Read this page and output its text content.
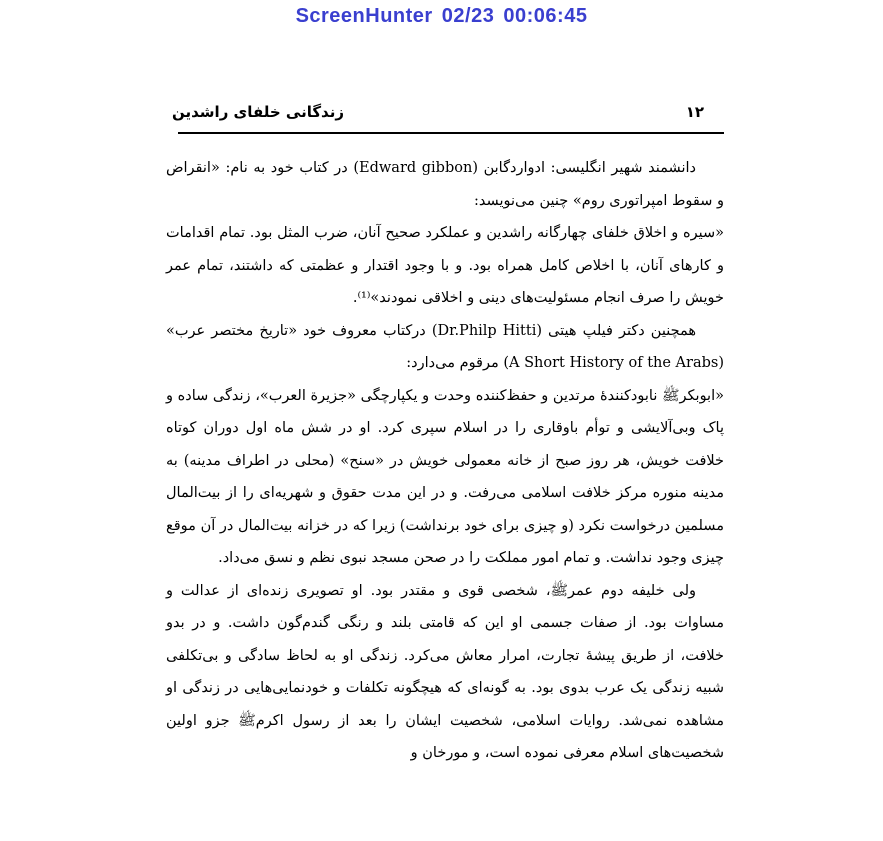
ScreenHunter 02/23 00:06:45
۱۲
زندگانی خلفای راشدین

دانشمند شهیر انگلیسی: ادواردگابن (Edward gibbon) در کتاب خود به نام: «انقراض و سقوط امپراتوری روم» چنین می‌نویسد:

«سیره و اخلاق خلفای چهارگانه راشدین و عملکرد صحیح آنان، ضرب المثل بود. تمام اقدامات و کارهای آنان، با اخلاص کامل همراه بود. و با وجود اقتدار و عظمتی که داشتند، تمام عمر خویش را صرف انجام مسئولیت‌های دینی و اخلاقی نمودند»⁽¹⁾.

همچنین دکتر فیلپ هیتی (Dr.Philp Hitti) درکتاب معروف خود «تاریخ مختصر عرب» (A Short History of the Arabs) مرقوم می‌دارد:

«ابوبکرﷺ نابودکنندۀ مرتدین و حفظ‌کننده وحدت و یکپارچگی «جزیرة العرب»، زندگی ساده و پاک وبی‌آلایشی و توأم باوقاری را در اسلام سپری کرد. او در شش ماه اول دوران کوتاه خلافت خویش، هر روز صبح از خانه معمولی خویش در «سنح» (محلی در اطراف مدینه) به مدینه منوره مرکز خلافت اسلامی می‌رفت. و در این مدت حقوق و شهریه‌ای را از بیت‌المال مسلمین درخواست نکرد (و چیزی برای خود برنداشت) زیرا که در خزانه بیت‌المال در آن موقع چیزی وجود نداشت. و تمام امور مملکت را در صحن مسجد نبوی نظم و نسق می‌داد.

ولی خلیفه دوم عمرﷺ، شخصی قوی و مقتدر بود. او تصویری زنده‌ای از عدالت و مساوات بود. از صفات جسمی او این که قامتی بلند و رنگی گندم‌گون داشت. و در بدو خلافت، از طریق پیشۀ تجارت، امرار معاش می‌کرد. زندگی او به لحاظ سادگی و بی‌تکلفی شبیه زندگی یک عرب بدوی بود. به گونه‌ای که هیچگونه تکلفات و خودنمایی‌هایی در زندگی او مشاهده نمی‌شد. روایات اسلامی، شخصیت ایشان را بعد از رسول اکرمﷺ جزو اولین شخصیت‌های اسلام معرفی نموده است، و مورخان و
